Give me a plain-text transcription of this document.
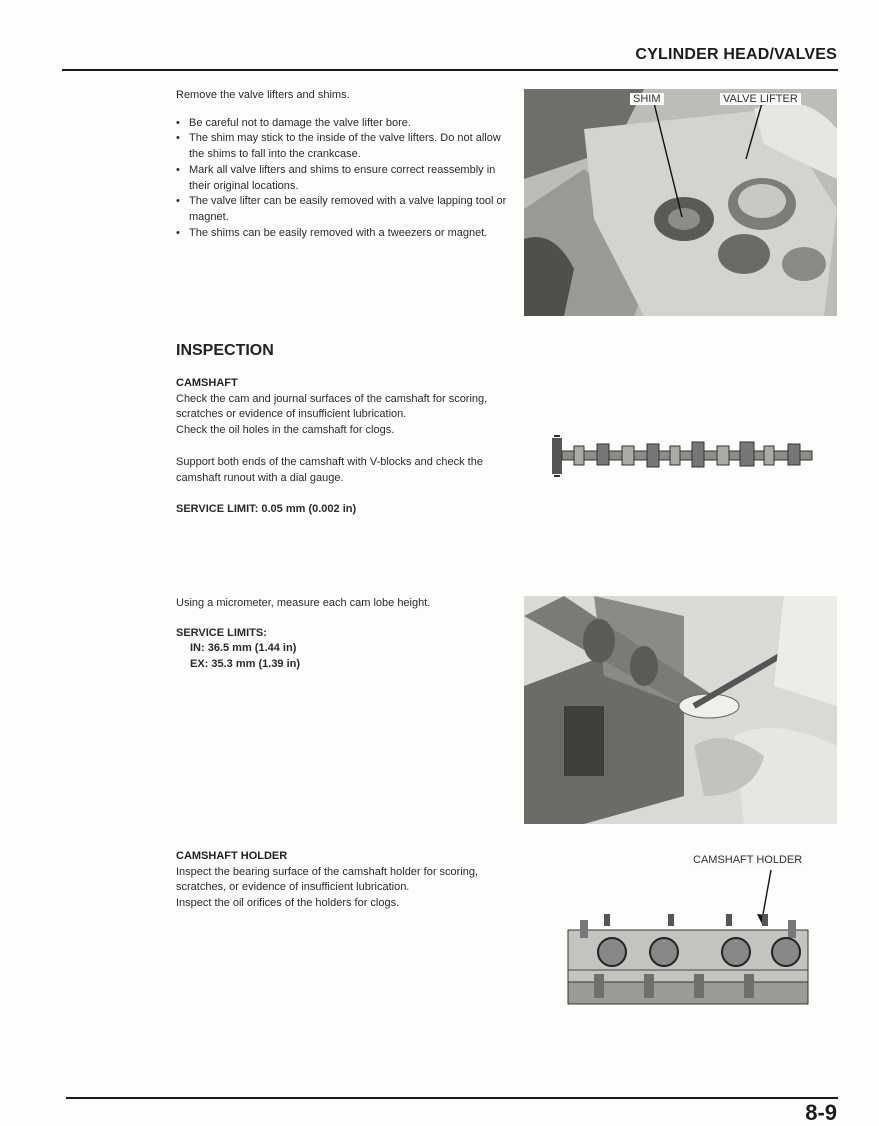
CYLINDER HEAD/VALVES

Remove the valve lifters and shims.

• Be careful not to damage the valve lifter bore.
• The shim may stick to the inside of the valve lifters. Do not allow the shims to fall into the crankcase.
• Mark all valve lifters and shims to ensure correct reassembly in their original locations.
• The valve lifter can be easily removed with a valve lapping tool or magnet.
• The shims can be easily removed with a tweezers or magnet.
SHIM	VALVE LIFTER
INSPECTION

CAMSHAFT

Check the cam and journal surfaces of the camshaft for scoring, scratches or evidence of insufficient lubrication.

Check the oil holes in the camshaft for clogs.

Support both ends of the camshaft with V-blocks and check the camshaft runout with a dial gauge.

SERVICE LIMIT: 0.05 mm (0.002 in)

Using a micrometer, measure each cam lobe height.

SERVICE LIMITS:

IN: 36.5 mm (1.44 in)

EX: 35.3 mm (1.39 in)

CAMSHAFT HOLDER

Inspect the bearing surface of the camshaft holder for scoring, scratches, or evidence of insufficient lubrication.

Inspect the oil orifices of the holders for clogs.

CAMSHAFT HOLDER
8-9
